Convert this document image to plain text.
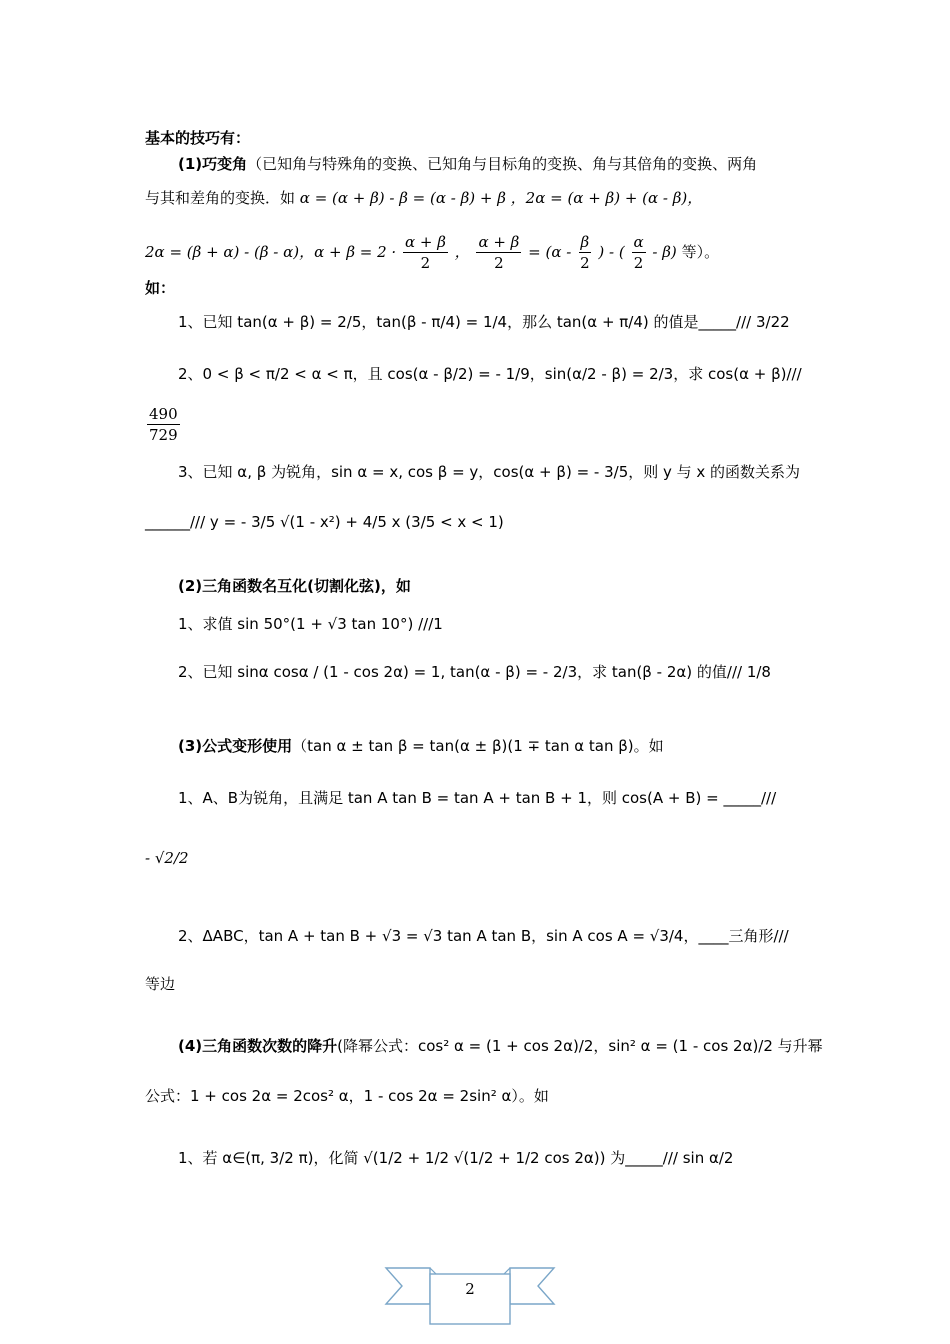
基本的技巧有：
(1)巧变角（已知角与特殊角的变换、已知角与目标角的变换、角与其倍角的变换、两角
与其和差角的变换．如 α = (α + β) - β = (α - β) + β ，2α = (α + β) + (α - β)，
2α = (β + α) - (β - α)，$\alpha + \beta = 2 \cdot \frac{\alpha + \beta}{2}$ ， $\frac{\alpha + \beta}{2} = (\alpha - \frac{\beta}{2}$ ) - ( $\frac{\alpha}{2} - \beta$) 等）。
如：
1、已知 tan(α + β) = 2/5，tan(β - π/4) = 1/4，那么 tan(α + π/4) 的值是_____/// 3/22
2、0 < β < π/2 < α < π，且 cos(α - β/2) = - 1/9，sin(α/2 - β) = 2/3，求 cos(α + β)///
$\frac{490}{729}$
3、已知 α, β 为锐角，sin α = x, cos β = y，cos(α + β) = - 3/5，则 y 与 x 的函数关系为
______/// y = - 3/5 √(1 - x²) + 4/5 x (3/5 < x < 1)
(2)三角函数名互化(切割化弦)，如
1、求值 sin 50°(1 + √3 tan 10°) ///1
2、已知 sinα cosα / (1 - cos 2α) = 1, tan(α - β) = - 2/3，求 tan(β - 2α) 的值/// 1/8
(3)公式变形使用（tan α ± tan β = tan(α ± β)(1 ∓ tan α tan β)。如
1、A、B为锐角，且满足 tan A tan B = tan A + tan B + 1，则 cos(A + B) = _____///
- √2/2
2、ΔABC，tan A + tan B + √3 = √3 tan A tan B，sin A cos A = √3/4，____三角形///
等边
(4)三角函数次数的降升(降幂公式：cos² α = (1 + cos 2α)/2，sin² α = (1 - cos 2α)/2 与升幂
公式：1 + cos 2α = 2cos² α，1 - cos 2α = 2sin² α）。如
1、若 α∈(π, 3/2 π)，化简 √(1/2 + 1/2 √(1/2 + 1/2 cos 2α)) 为_____/// sin α/2
2
